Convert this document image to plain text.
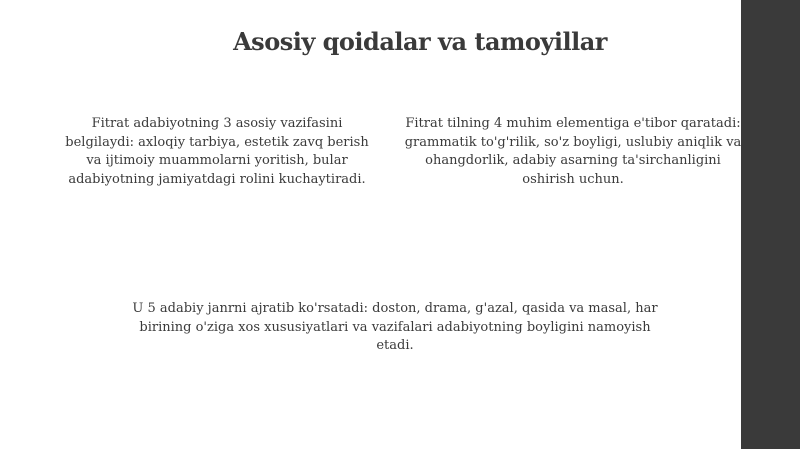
Asosiy qoidalar va tamoyillar

Fitrat adabiyotning 3 asosiy vazifasini belgilaydi: axloqiy tarbiya, estetik zavq berish va ijtimoiy muammolarni yoritish, bular adabiyotning jamiyatdagi rolini kuchaytiradi.

Fitrat tilning 4 muhim elementiga e'tibor qaratadi: grammatik to'g'rilik, so'z boyligi, uslubiy aniqlik va ohangdorlik, adabiy asarning ta'sirchanligini oshirish uchun.

U 5 adabiy janrni ajratib ko'rsatadi: doston, drama, g'azal, qasida va masal, har birining o'ziga xos xususiyatlari va vazifalari adabiyotning boyligini namoyish etadi.
